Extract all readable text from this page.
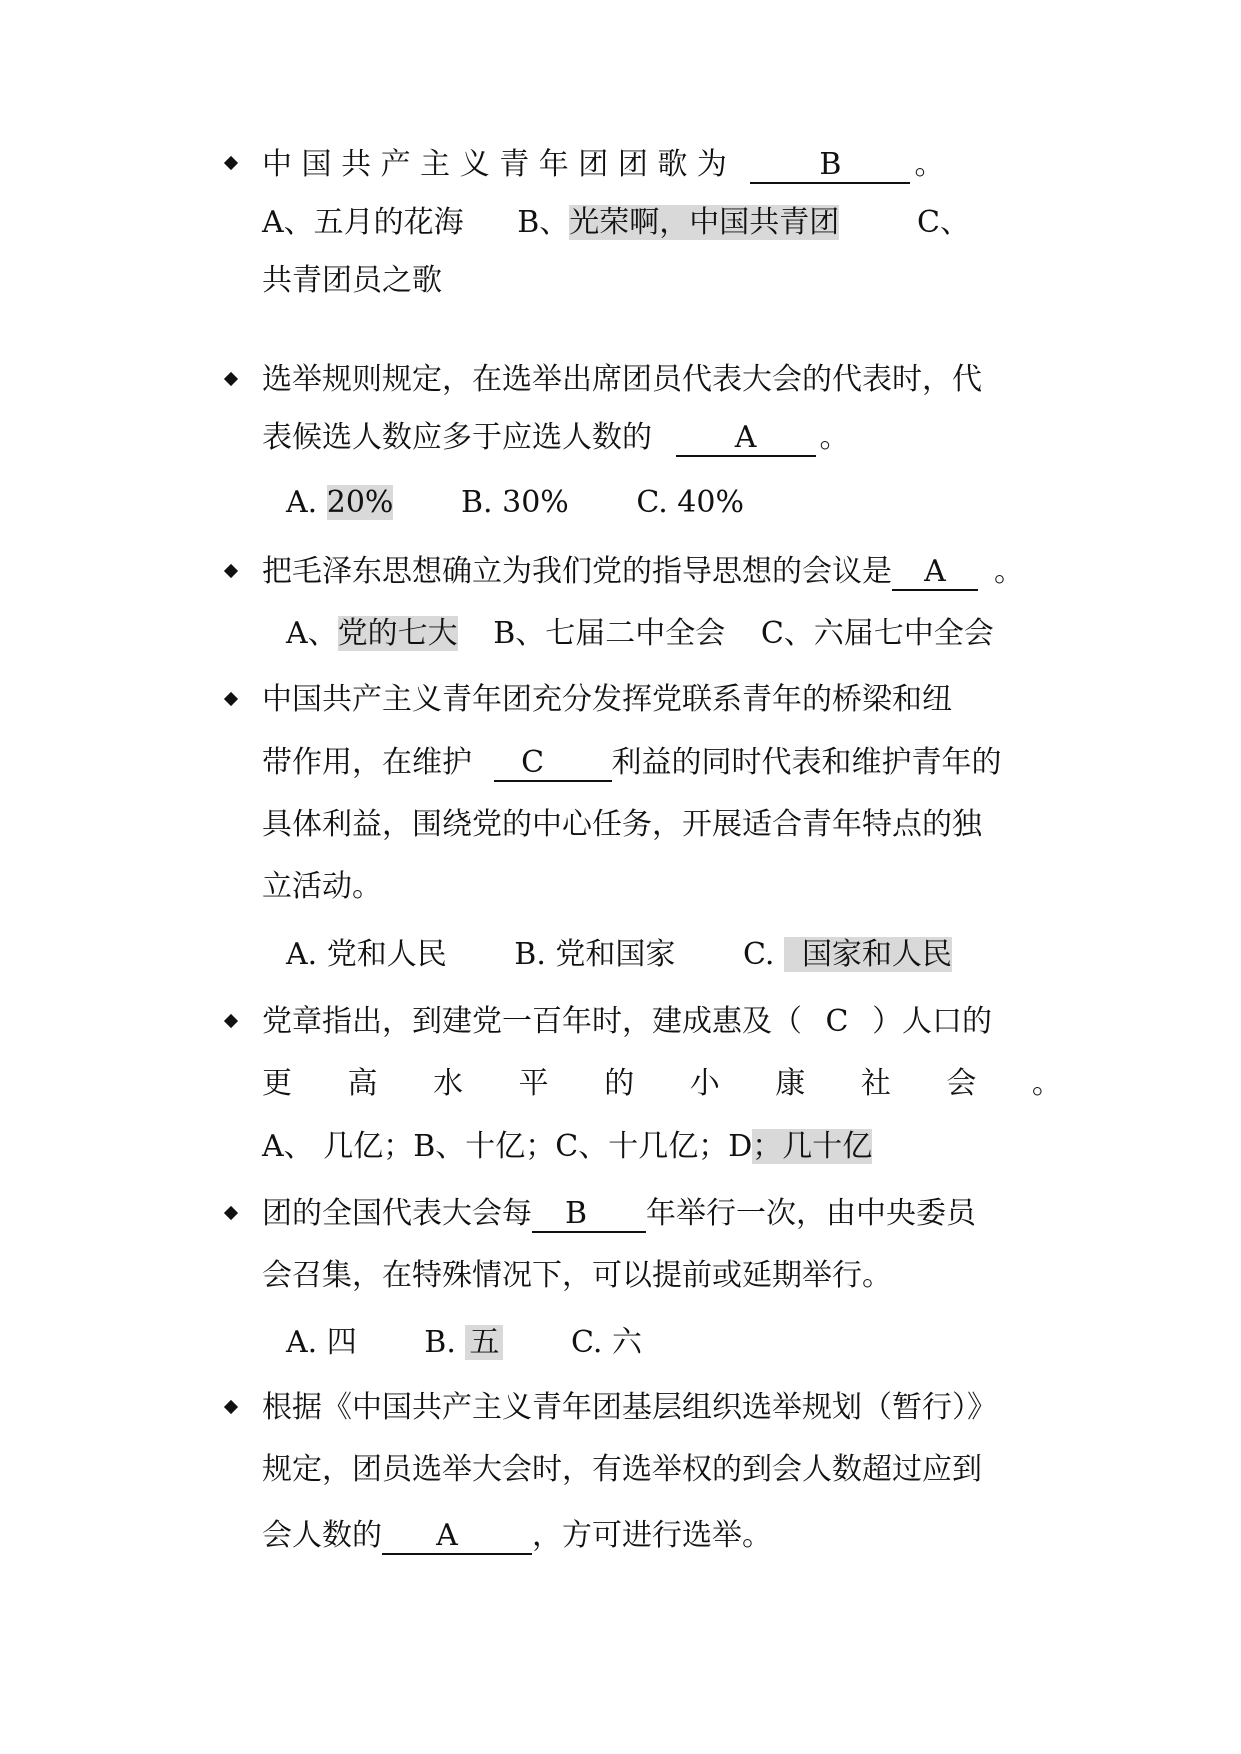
中 国 共 产 主 义 青 年 团 团 歌 为	B 。
A、五月的花海 B、光荣啊，中国共青团	C、
共青团员之歌
选举规则规定，在选举出席团员代表大会的代表时，代
表候选人数应多于应选人数的	A 。
A. 20% B. 30% C. 40%
把毛泽东思想确立为我们党的指导思想的会议是 A 。
A、党的七大 B、七届二中全会 C、六届七中全会
中国共产主义青年团充分发挥党联系青年的桥梁和纽
带作用，在维护 C 利益的同时代表和维护青年的
具体利益，围绕党的中心任务，开展适合青年特点的独
立活动。
A. 党和人民 B. 党和国家 C. 国家和人民
党章指出，到建党一百年时，建成惠及（ C ）人口的
更 高 水 平 的 小 康 社 会 。
A、 几亿；B、十亿；C、十几亿；D；几十亿
团的全国代表大会每 B 年举行一次，由中央委员
会召集，在特殊情况下，可以提前或延期举行。
A. 四 B. 五 C. 六
根据《中国共产主义青年团基层组织选举规划（暂行）》
规定，团员选举大会时，有选举权的到会人数超过应到
会人数的 A ，方可进行选举。
